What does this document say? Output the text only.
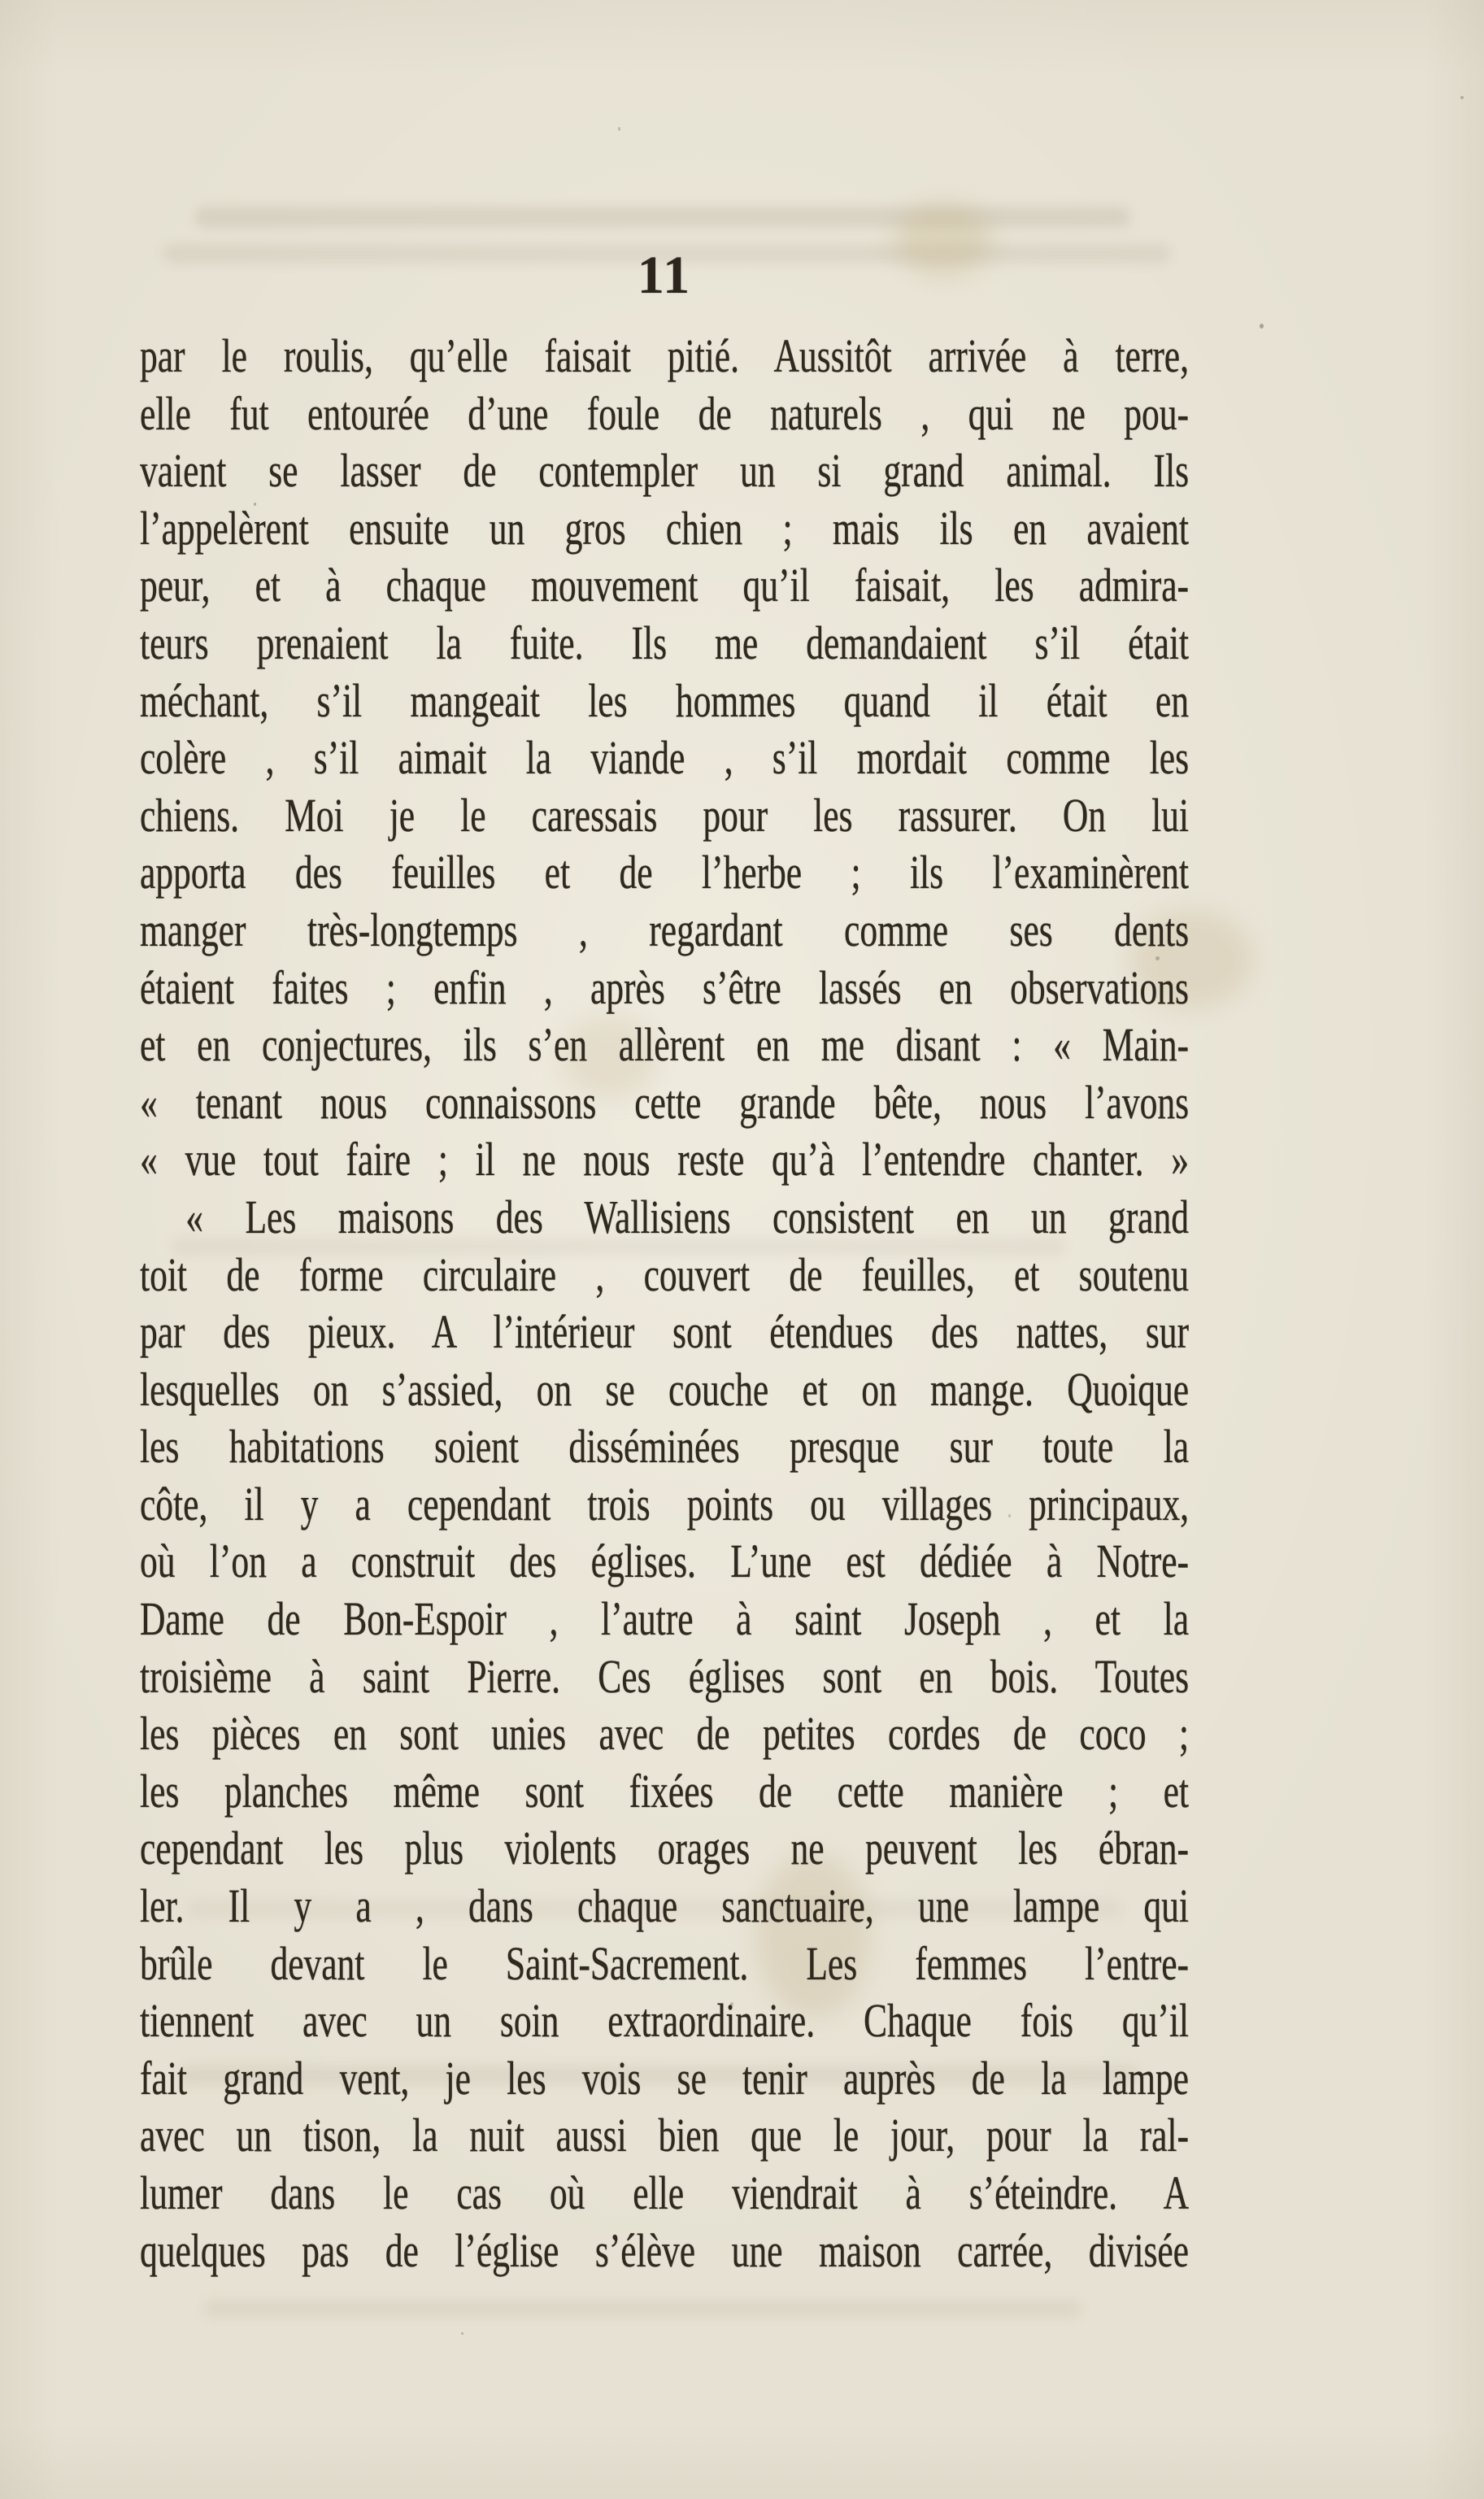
11
par le roulis, qu’elle faisait pitié. Aussitôt arrivée à terre,
elle fut entourée d’une foule de naturels , qui ne pou-
vaient se lasser de contempler un si grand animal. Ils
l’appelèrent ensuite un gros chien ; mais ils en avaient
peur, et à chaque mouvement qu’il faisait, les admira-
teurs prenaient la fuite. Ils me demandaient s’il était
méchant, s’il mangeait les hommes quand il était en
colère , s’il aimait la viande , s’il mordait comme les
chiens. Moi je le caressais pour les rassurer. On lui
apporta des feuilles et de l’herbe ; ils l’examinèrent
manger très-longtemps , regardant comme ses dents
étaient faites ; enfin , après s’être lassés en observations
et en conjectures, ils s’en allèrent en me disant : « Main-
« tenant nous connaissons cette grande bête, nous l’avons
« vue tout faire ; il ne nous reste qu’à l’entendre chanter. »
« Les maisons des Wallisiens consistent en un grand
toit de forme circulaire , couvert de feuilles, et soutenu
par des pieux. A l’intérieur sont étendues des nattes, sur
lesquelles on s’assied, on se couche et on mange. Quoique
les habitations soient disséminées presque sur toute la
côte, il y a cependant trois points ou villages principaux,
où l’on a construit des églises. L’une est dédiée à Notre-
Dame de Bon-Espoir , l’autre à saint Joseph , et la
troisième à saint Pierre. Ces églises sont en bois. Toutes
les pièces en sont unies avec de petites cordes de coco ;
les planches même sont fixées de cette manière ; et
cependant les plus violents orages ne peuvent les ébran-
ler. Il y a , dans chaque sanctuaire, une lampe qui
brûle devant le Saint-Sacrement. Les femmes l’entre-
tiennent avec un soin extraordinaire. Chaque fois qu’il
fait grand vent, je les vois se tenir auprès de la lampe
avec un tison, la nuit aussi bien que le jour, pour la ral-
lumer dans le cas où elle viendrait à s’éteindre. A
quelques pas de l’église s’élève une maison carrée, divisée
